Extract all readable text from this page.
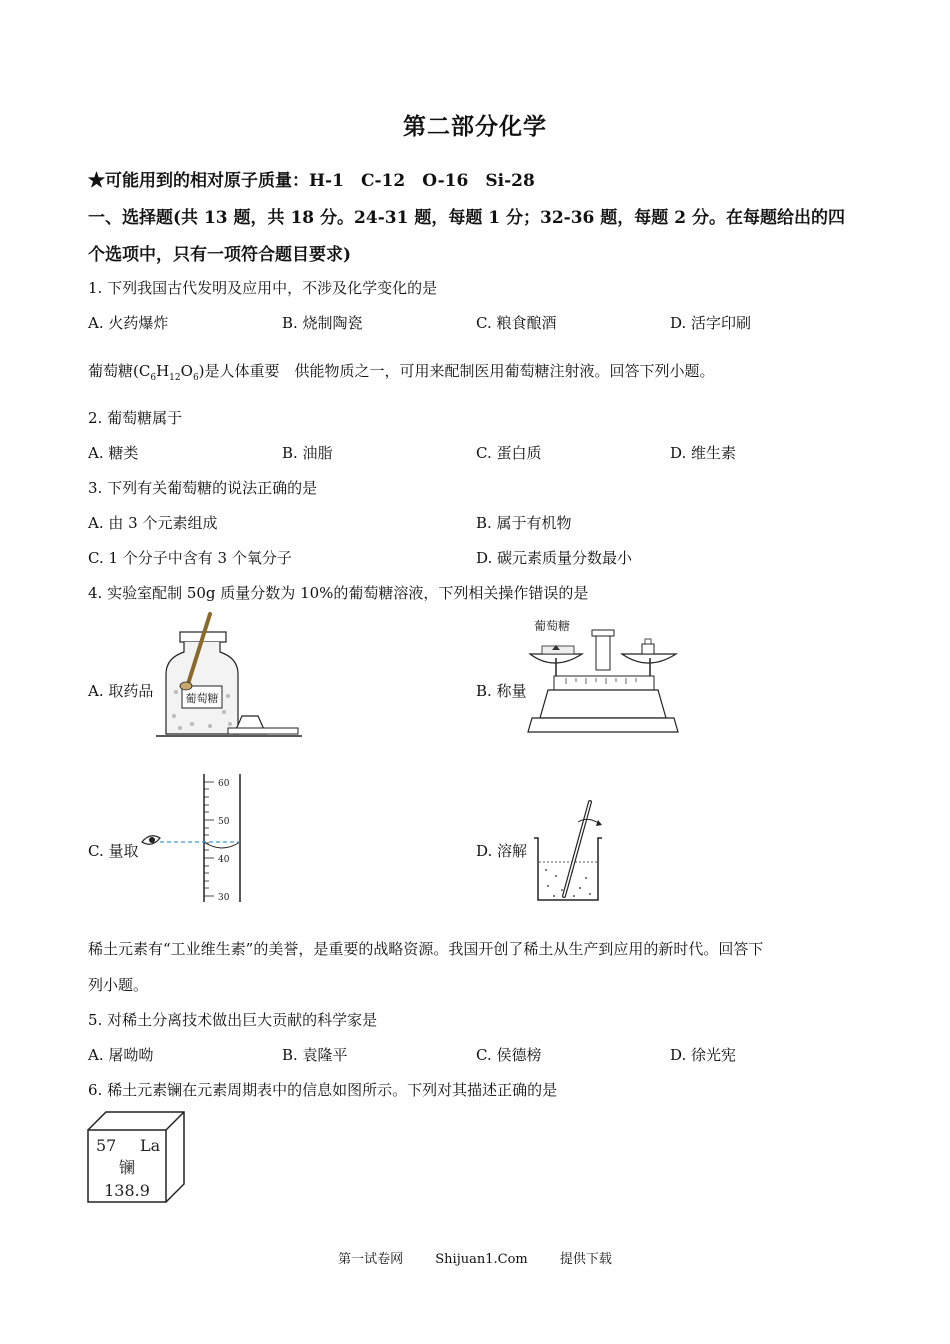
第二部分化学
★可能用到的相对原子质量：H-1　C-12　O-16　Si-28
一、选择题(共 13 题，共 18 分。24-31 题，每题 1 分；32-36 题，每题 2 分。在每题给出的四
个选项中，只有一项符合题目要求)
1. 下列我国古代发明及应用中，不涉及化学变化的是
A. 火药爆炸	B. 烧制陶瓷	C. 粮食酿酒	D. 活字印刷
葡萄糖$(C_6H_{12}O_6)$是人体重要　供能物质之一，可用来配制医用葡萄糖注射液。回答下列小题。
2. 葡萄糖属于
A. 糖类	B. 油脂	C. 蛋白质	D. 维生素
3. 下列有关葡萄糖的说法正确的是
A. 由 3 个元素组成	B. 属于有机物
C. 1 个分子中含有 3 个氧分子	D. 碳元素质量分数最小
4. 实验室配制 50g 质量分数为 10%的葡萄糖溶液，下列相关操作错误的是
A. 取药品	葡萄糖	B. 称量
葡萄糖
C. 量取
60
50
40
30
D. 溶解
稀土元素有“工业维生素”的美誉，是重要的战略资源。我国开创了稀土从生产到应用的新时代。回答下
列小题。
5. 对稀土分离技术做出巨大贡献的科学家是
A. 屠呦呦	B. 袁隆平	C. 侯德榜	D. 徐光宪
6. 稀土元素镧在元素周期表中的信息如图所示。下列对其描述正确的是
57 La
镧
138.9
第一试卷网 Shijuan1.Com 提供下载
